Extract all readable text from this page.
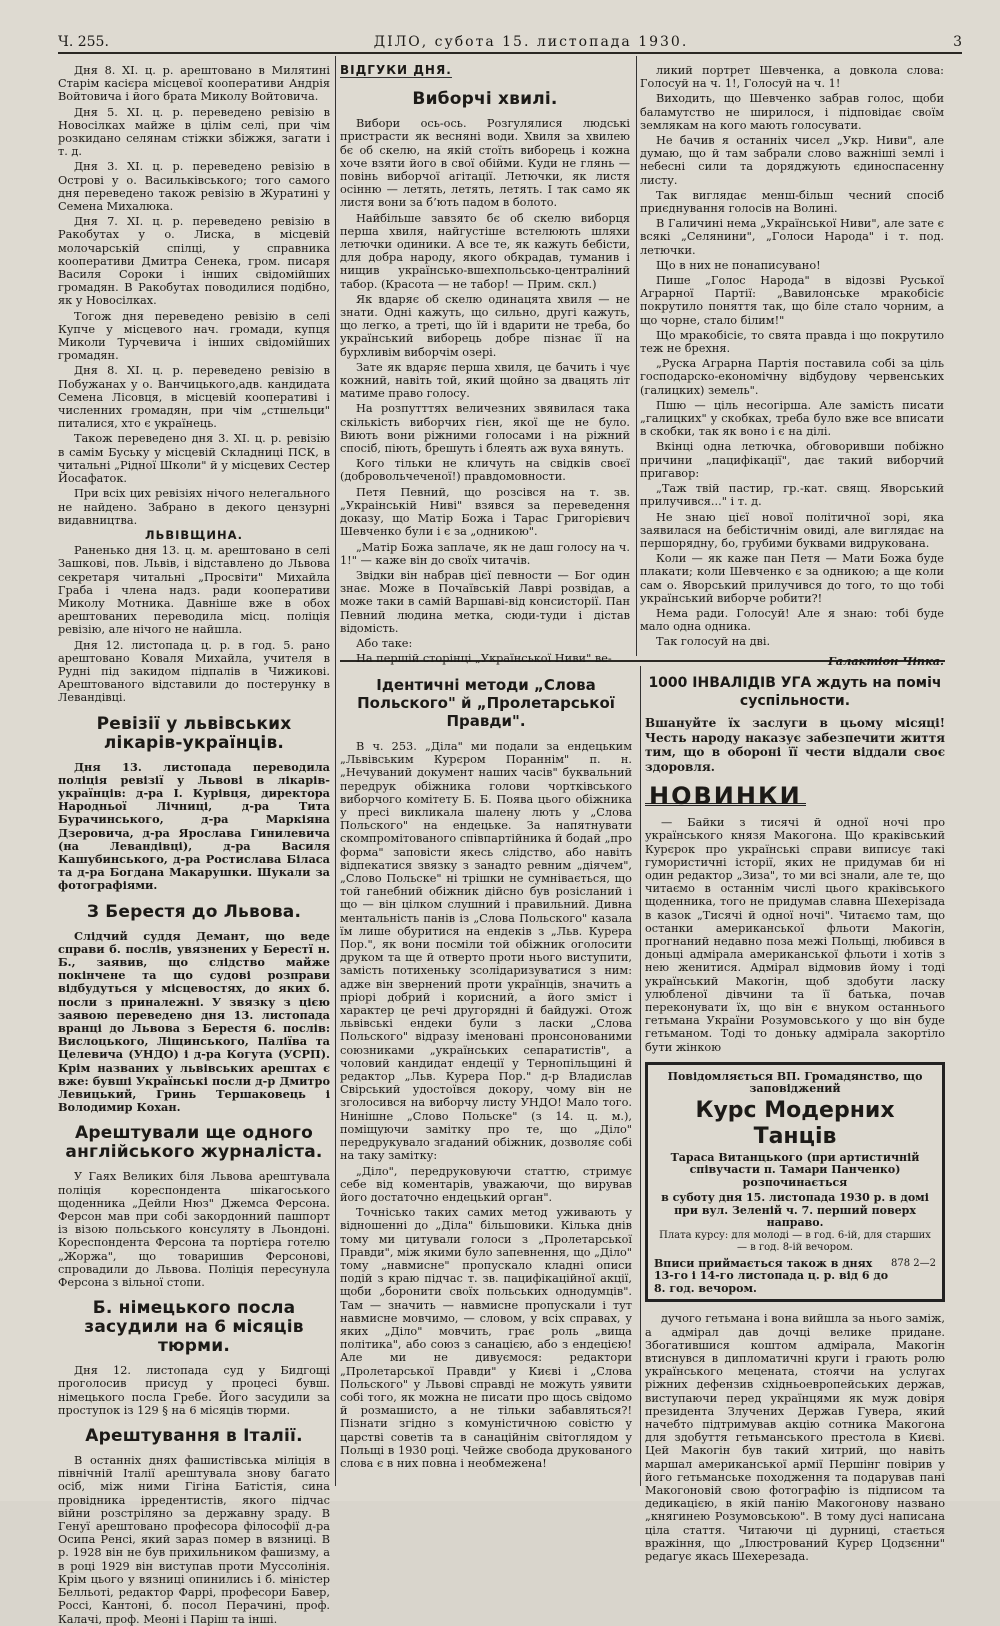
Ч. 255.	ДІЛО, субота 15. листопада 1930.	3

Дня 8. XI. ц. р. арештовано в Милятині Старім касієра місцевої кооперативи Андрія Войтовича і його брата Миколу Войтовича.

Дня 5. XI. ц. р. переведено ревізію в Новосілках майже в цілім селі, при чім розкидано селянам стіжки збіжжя, загати і т. д.

Дня 3. XI. ц. р. переведено ревізію в Острові у о. Васильківського; того самого дня переведено також ревізію в Журатині у Семена Михалюка.

Дня 7. XI. ц. р. переведено ревізію в Ракобутах у о. Лиска, в місцевій молочарській спілці, у справника кооперативи Дмитра Сенека, гром. писаря Василя Сороки і інших свідомійших громадян. В Ракобутах поводилися подібно, як у Новосілках.

Тогож дня переведено ревізію в селі Купче у місцевого нач. громади, купця Миколи Турчевича і інших свідомійших громадян.

Дня 8. XI. ц. р. переведено ревізію в Побужанах у о. Ванчицького,адв. кандидата Семена Лісовця, в місцевій кооперативі і численних громадян, при чім „стшельци" питалися, хто є українець.

Також переведено дня 3. XI. ц. р. ревізію в самім Буську у місцевій Складниці ПСК, в читальні „Рідної Школи" й у місцевих Сестер Йосафаток.

При всіх цих ревізіях нічого нелегального не найдено. Забрано в декого цензурні видавництва.

ЛЬВІВЩИНА.

Раненько дня 13. ц. м. арештовано в селі Зашкові, пов. Львів, і відставлено до Львова секретаря читальні „Просвіти" Михайла Граба і члена надз. ради кооперативи Миколу Мотника. Давніше вже в обох арештованих переводила місц. поліція ревізію, але нічого не найшла.

Дня 12. листопада ц. р. в год. 5. рано арештовано Коваля Михайла, учителя в Рудні під закидом підпалів в Чижикові. Арештованого відставили до постерунку в Левандівці.

Ревізії у львівських лікарів-українців.

Дня 13. листопада переводила поліція ревізії у Львові в лікарів-українців: д-ра І. Курівця, директора Народньої Лічниці, д-ра Тита Бурачинського, д-ра Маркіяна Дзеровича, д-ра Ярослава Гинилевича (на Левандівці), д-ра Василя Кашубинського, д-ра Ростислава Біласа та д-ра Богдана Макарушки. Шукали за фотографіями.

З Берестя до Львова.

Слідчий суддя Демант, що веде справи б. послів, увязнених у Берестї н. Б., заявив, що слідство майже покінчене та що судові розправи відбудуться у місцевостях, до яких б. посли з приналежні. У звязку з цією заявою переведено дня 13. листопада вранці до Львова з Берестя 6. послів: Вислоцького, Ліщинського, Паліїва та Целевича (УНДО) і д-ра Когута (УСРП). Крім названих у львівських арештах є вже: бувші Українські посли д-р Дмитро Левицький, Гринь Тершаковець і Володимир Кохан.

Арештували ще одного англійського журналіста.

У Гаях Великих біля Львова арештувала поліція кореспондента шікагоського щоденника „Дейли Нюз" Джемса Ферсона. Ферсон мав при собі закордонний пашпорт із візою польського консуляту в Льондоні. Кореспондента Ферсона та портієра готелю „Жоржа", що товаришив Ферсонові, спровадили до Львова. Поліція пересунула Ферсона з вільної стопи.

Б. німецького посла засудили на 6 місяців тюрми.

Дня 12. листопада суд у Бидгощі проголосив присуд у процесі бувш. німецького посла Гребе. Його засудили за проступок із 129 § на 6 місяців тюрми.

Арештування в Італії.

В останніх днях фашистівська міліція в північній Італії арештувала знову багато осіб, між ними Гігіна Батістія, сина провідника ірредентистів, якого підчас війни розстріляно за державну зраду. В Генуї арештовано професора філософії д-ра Осипа Ренсі, який зараз помер в вязниці. В р. 1928 він не був прихильником фашизму, а в році 1929 він виступав проти Муссолінія. Крім цього у вязниці опинились і б. міністер Белльоті, редактор Фаррі, професори Бавер, Россі, Кантоні, б. посол Перачині, проф. Калачі, проф. Меоні і Паріш та інші.

ВІДГУКИ ДНЯ.
Виборчі хвилі.

Вибори ось-ось. Розгулялися людські пристрасти як весняні води. Хвиля за хвилею бє об скелю, на якій стоїть виборець і кожна хоче взяти його в свої обійми. Куди не глянь — повінь виборчої агітації. Летючки, як листя осінню — летять, летять, летять. І так само як листя вони за б’ють падом в болото.

Найбільше завзято бє об скелю виборця перша хвиля, найгустіше встелюють шляхи летючки одиники. А все те, як кажуть бебісти, для добра народу, якого обкрадав, туманив і нищив українсько-вшехпольсько-централіний табор. (Красота — не табор! — Прим. скл.)

Як вдаряє об скелю одинацята хвиля — не знати. Одні кажуть, що сильно, другі кажуть, що легко, а треті, що їй і вдарити не треба, бо український виборець добре пізнає її на бурхливім виборчім озері.

Зате як вдаряє перша хвиля, це бачить і чує кожний, навіть той, який щойно за двацять літ матиме право голосу.

На розпутттях величезних звявилася така скількість виборчих гієн, якої ще не було. Виють вони ріжними голосами і на ріжний спосіб, піють, брешуть і блеять аж вуха вянуть.

Кого тільки не кличуть на свідків своєї (добровольчеченої!) правдомовности.

Петя Певний, що розсівся на т. зв. „Украінській Ниві" взявся за переведення доказу, що Матір Божа і Тарас Григорієвич Шевченко були і є за „одникою".

„Матір Божа заплаче, як не даш голосу на ч. 1!" — каже він до своїх читачів.

Звідки він набрав цієї певности — Бог один знає. Може в Почаївській Лаврі розвідав, а може таки в самій Варшаві-від консисторії. Пан Певний людина метка, сюди-туди і дістав відомість.

Або таке:

На першій сторінці „Української Ниви" ве-

ликий портрет Шевченка, а довкола слова: Голосуй на ч. 1!, Голосуй на ч. 1!

Виходить, що Шевченко забрав голос, щоби баламутство не ширилося, і підповідає своїм землякам на кого мають голосувати.

Не бачив я останніх чисел „Укр. Ниви", але думаю, що й там забрали слово важніші землі і небесні сили та доряджують єдиноспасенну листу.

Так виглядає менш-більш чесний спосіб приєднування голосів на Волині.

В Галичині нема „Української Ниви", але зате є всякі „Селянини", „Голоси Народа" і т. под. летючки.

Що в них не понаписувано!

Пише „Голос Народа" в відозві Руської Аграрної Партії: „Вавилонське мракобісіє покрутило поняття так, що біле стало чорним, а що чорне, стало білим!"

Що мракобісіє, то свята правда і що покрутило теж не брехня.

„Руска Аграрна Партія поставила собі за ціль господарско-економічну відбудову червенських (галицких) земель".

Пшю — ціль несогірша. Але замість писати „галицких" у скобках, треба було вже все вписати в скобки, так як воно і є на ділі.

Вкінці одна летючка, обговоривши побіжно причини „пацифікації", дає такий виборчий пригавор:

„Таж твій пастир, гр.-кат. свящ. Яворський прилучився..." і т. д.

Не знаю цієї нової політичної зорі, яка заявилася на бебістичнім овиді, але виглядає на першорядну, бо, грубими буквами видрукована.

Коли — як каже пан Петя — Мати Божа буде плакати; коли Шевченко є за одникою; а ще коли сам о. Яворський прилучився до того, то що тобі український виборче робити?!

Нема ради. Голосуй! Але я знаю: тобі буде мало одна одника.

Так голосуй на дві.

Галактіон Чіпка.
Ідентичні методи „Слова Польского" й „Пролетарської Правди".

В ч. 253. „Діла" ми подали за ендецьким „Львівським Курєром Пораннім" п. н. „Нечуваний документ наших часів" буквальний передрук обіжника голови чортківського виборчого комітету Б. Б. Поява цього обіжника у пресі викликала шалену лють у „Слова Польского" на ендецьке. За напятнувати скомпромітованого співпартійника й бодай „про форма" заповісти якесь слідство, або навіть відпекатися звязку з занадто ревним „діячем", „Слово Польске" ні трішки не сумнівається, що той ганебний обіжник дійсно був розісланий і що — він цілком слушний і правильний. Дивна ментальність панів із „Слова Польского" казала їм лише обуритися на ендеків з „Льв. Курера Пор.", як вони посміли той обіжник оголосити друком та ще й отверто проти нього виступити, замість потихеньку зсолідаризуватися з ним: адже він звернений проти українців, значить а пріорі добрий і корисний, а його зміст і характер це речі другорядні й байдужі. Отож львівські ендеки були з ласки „Слова Польского" відразу іменовані пронсонованими союзниками „українських сепаратистів", а чоловий кандидат ендеції у Тернопільщині й редактор „Льв. Курера Пор." д-р Владислав Свірський удостоївся докору, чому він не зголосився на виборчу листу УНДО! Мало того. Нинішне „Слово Польске" (з 14. ц. м.), поміщуючи замітку про те, що „Діло" передрукувало згаданий обіжник, дозволяє собі на таку замітку:

„Діло", передруковуючи статтю, стримує себе від коментарів, уважаючи, що вирував його достаточно ендецький орган".

Точнісько таких самих метод уживають у відношенні до „Діла" більшовики. Кілька днів тому ми цитували голоси з „Пролетарської Правди", між якими було запевнення, що „Діло" тому „навмисне" пропускало кладні описи подій з краю підчас т. зв. пацифікаційної акції, щоби „боронити своїх польських однодумців". Там — значить — навмисне пропускали і тут навмисне мовчимо, — словом, у всіх справах, у яких „Діло" мовчить, грає роль „вища політика", або союз з санацією, або з ендецією! Але ми не дивуємося: редактори „Пролетарської Правди" у Києві і „Слова Польского" у Львові справді не можуть уявити собі того, як можна не писати про щось свідомо й розмашисто, а не тільки забавляться?! Пізнати згідно з комуністичною совістю у царстві советів та в санаційнім світоглядом у Польщі в 1930 році. Чейже свобода друкованого слова є в них повна і необмежена!

1000 ІНВАЛІДІВ УГА ждуть на поміч суспільности.

Вшануйте їх заслуги в цьому місяці! Честь народу наказує забезпечити життя тим, що в обороні її чести віддали своє здоровля.

НОВИНКИ

— Байки з тисячі й одної ночі про українського князя Макогона. Що краківський Курєрок про українські справи виписує такі гумористичні історії, яких не придумав би ні один редактор „Зиза", то ми всі знали, але те, що читаємо в останнім числі цього краківського щоденника, того не придумав славна Шехерізада в казок „Тисячі й одної ночі". Читаємо там, що останки американської фльоти Макогін, прогнаний недавно поза межі Польщі, любився в доньці адмірала американської фльоти і хотів з нею женитися. Адмірал відмовив йому і тоді український Макогін, щоб здобути ласку улюбленої дівчини та її батька, почав переконувати їх, що він є внуком останнього гетьмана України Розумовського у що він буде гетьманом. Тоді то доньку адмірала закортіло бути жінкою

Повідомляється ВП. Громадянство, що заповіджений
Курс Модерних Танців
Тараса Витанцького (при артистичній співучасти п. Тамари Панченко) розпочинається
в суботу дня 15. листопада 1930 р. в домі при вул. Зеленій ч. 7. перший поверх направо.
Плата курсу: для молоді — в год. 6-ій, для старших — в год. 8-ій вечором.
Вписи приймається також в днях 13-го і 14-го листопада ц. р. від 6 до 8. год. вечором.
878 2—2

дучого гетьмана і вона вийшла за нього заміж, а адмірал дав дочці велике придане. Збогатившися коштом адмірала, Макогін втиснувся в дипломатичні круги і грають ролю українського мецената, стоячи на услугах ріжних дефензив східньоевропейських держав, виступаючи перед українцями як муж довіря президента Злучених Держав Гувера, який начебто підтримував акцію сотника Макогона для здобуття гетьманського престола в Києві. Цей Макогін був такий хитрий, що навіть маршал американської армії Першінг повірив у його гетьманське походження та подарував пані Макогоновій свою фотографію із підписом та дедикацією, в якій панію Макогонову названо „княгинею Розумовською". В тому дусі написана ціла стаття. Читаючи ці дурниці, стається вражіння, що „Ілюстрований Курєр Цодзєнни" редагує якась Шехерезада.
